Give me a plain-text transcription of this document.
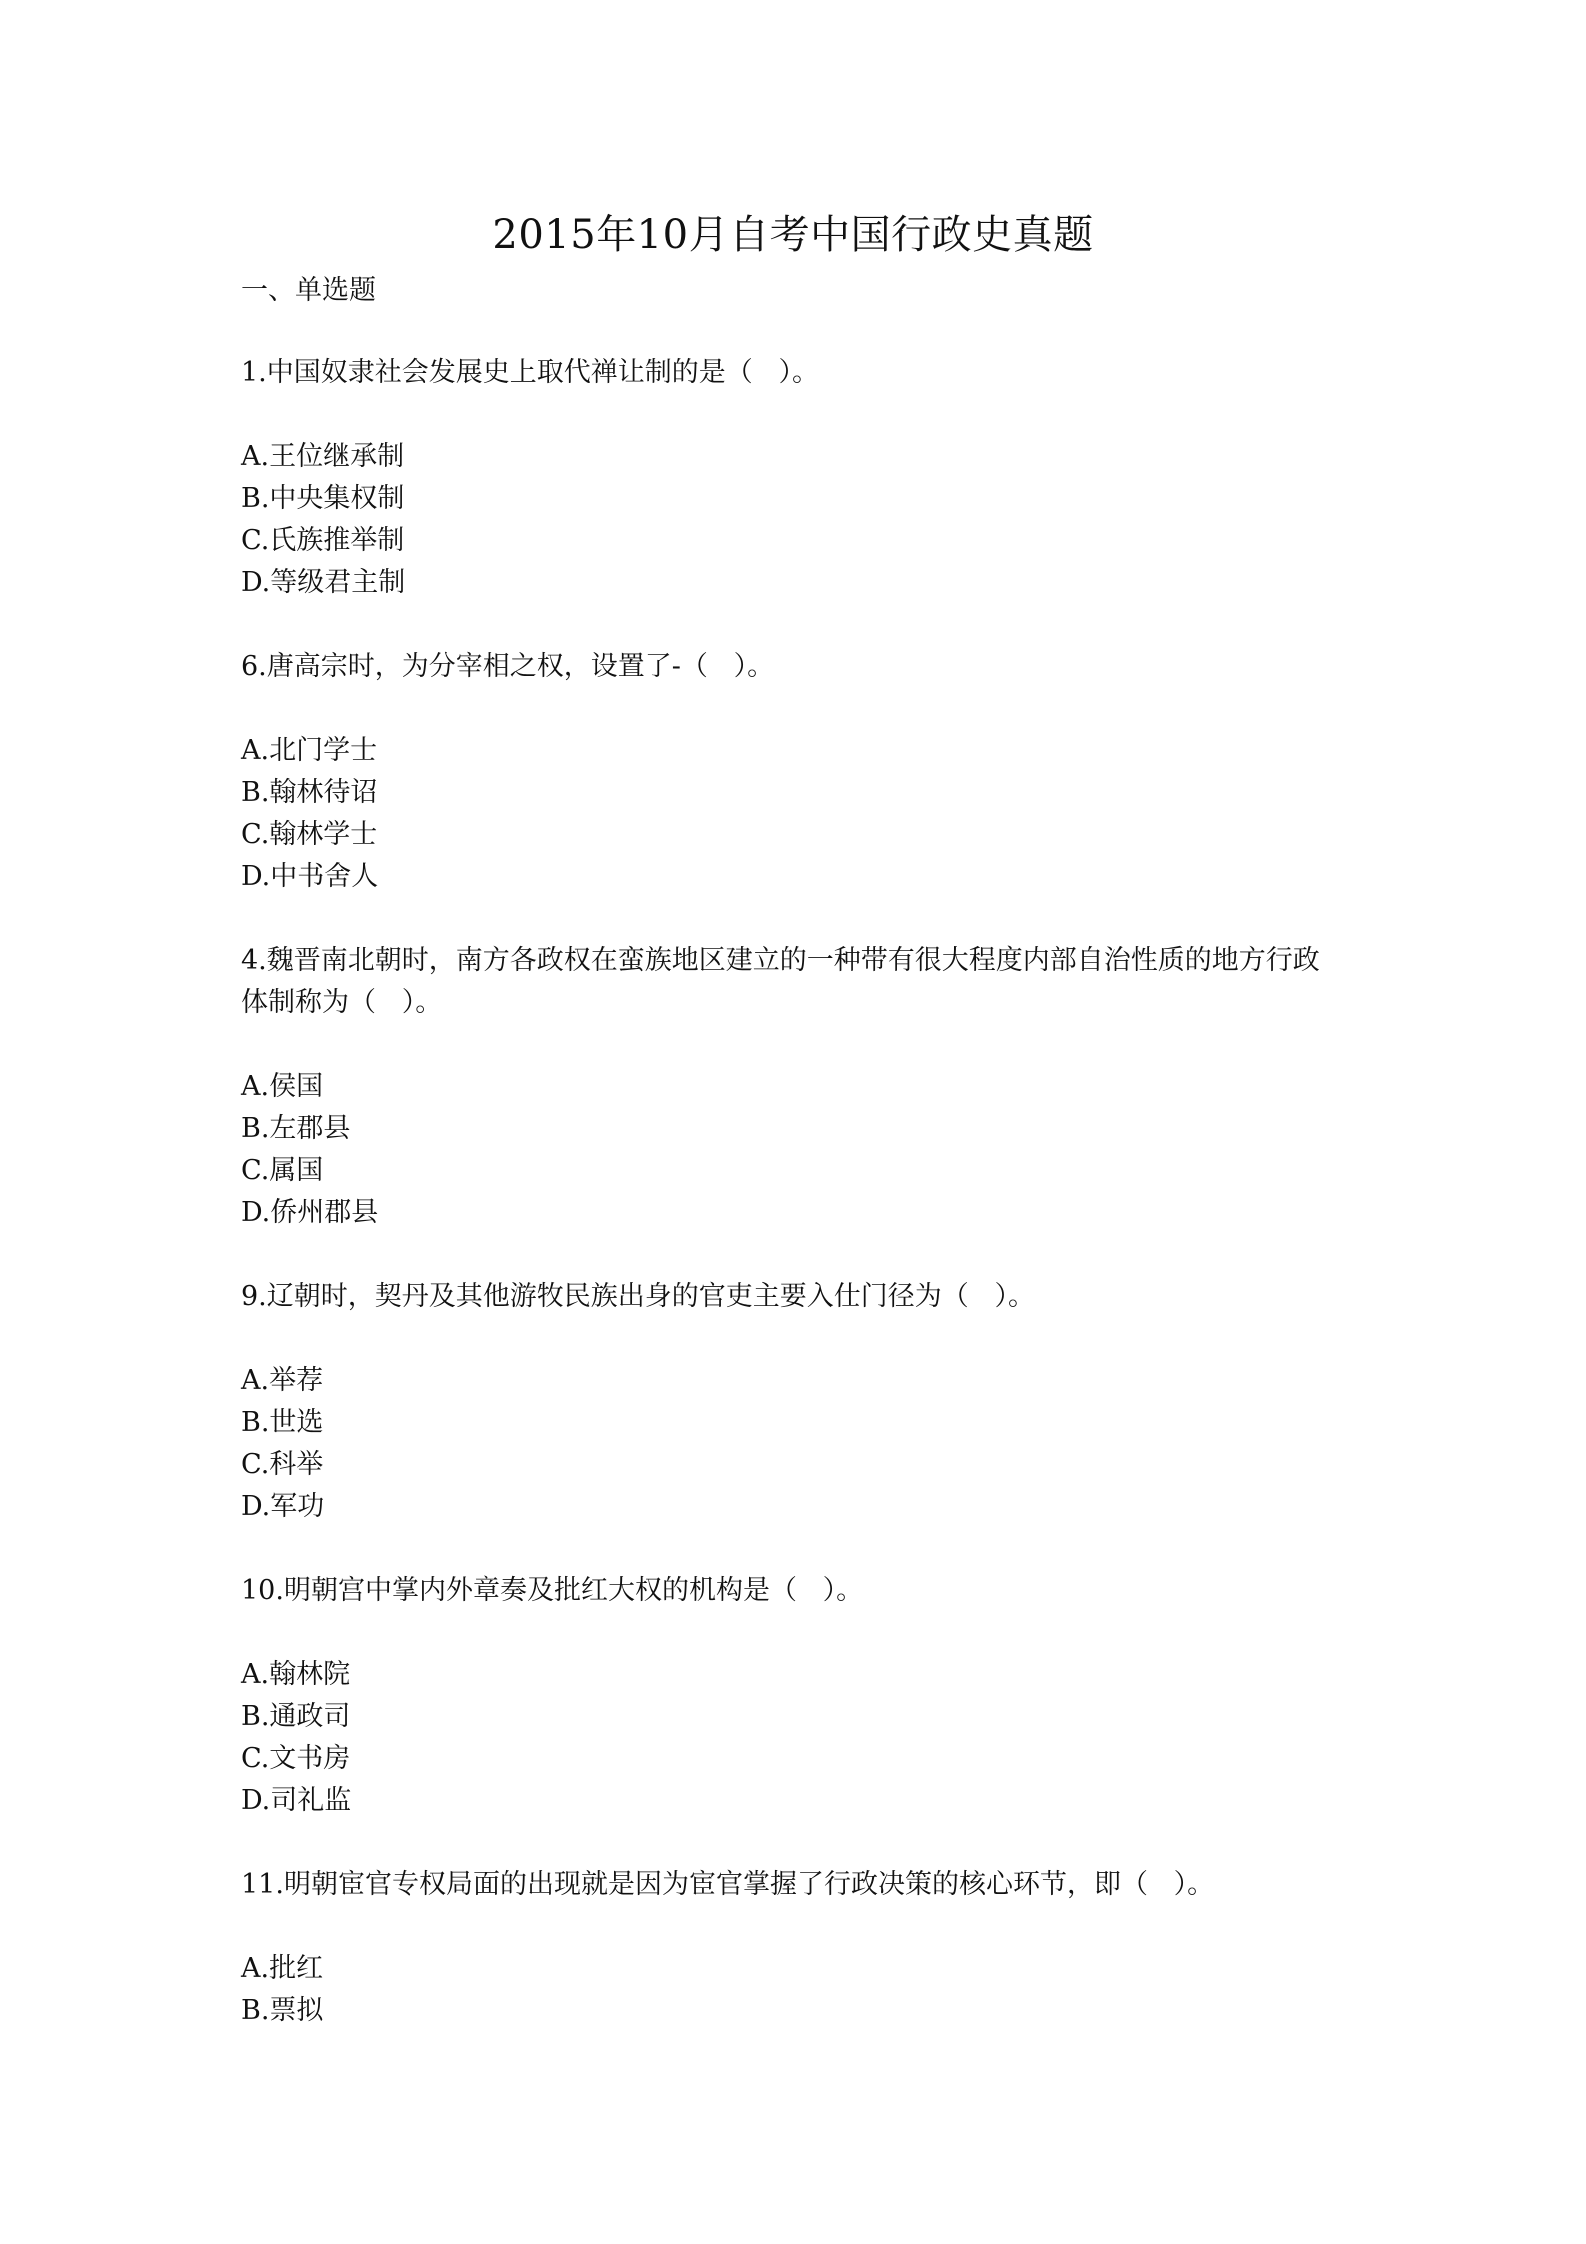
2015年10月自考中国行政史真题
一、单选题
1.中国奴隶社会发展史上取代禅让制的是（   ）。
A.王位继承制
B.中央集权制
C.氏族推举制
D.等级君主制
6.唐高宗时，为分宰相之权，设置了-（   ）。
A.北门学士
B.翰林待诏
C.翰林学士
D.中书舍人
4.魏晋南北朝时，南方各政权在蛮族地区建立的一种带有很大程度内部自治性质的地方行政
体制称为（   ）。
A.侯国
B.左郡县
C.属国
D.侨州郡县
9.辽朝时，契丹及其他游牧民族出身的官吏主要入仕门径为（   ）。
A.举荐
B.世选
C.科举
D.军功
10.明朝宫中掌内外章奏及批红大权的机构是（   ）。
A.翰林院
B.通政司
C.文书房
D.司礼监
11.明朝宦官专权局面的出现就是因为宦官掌握了行政决策的核心环节，即（   ）。
A.批红
B.票拟
